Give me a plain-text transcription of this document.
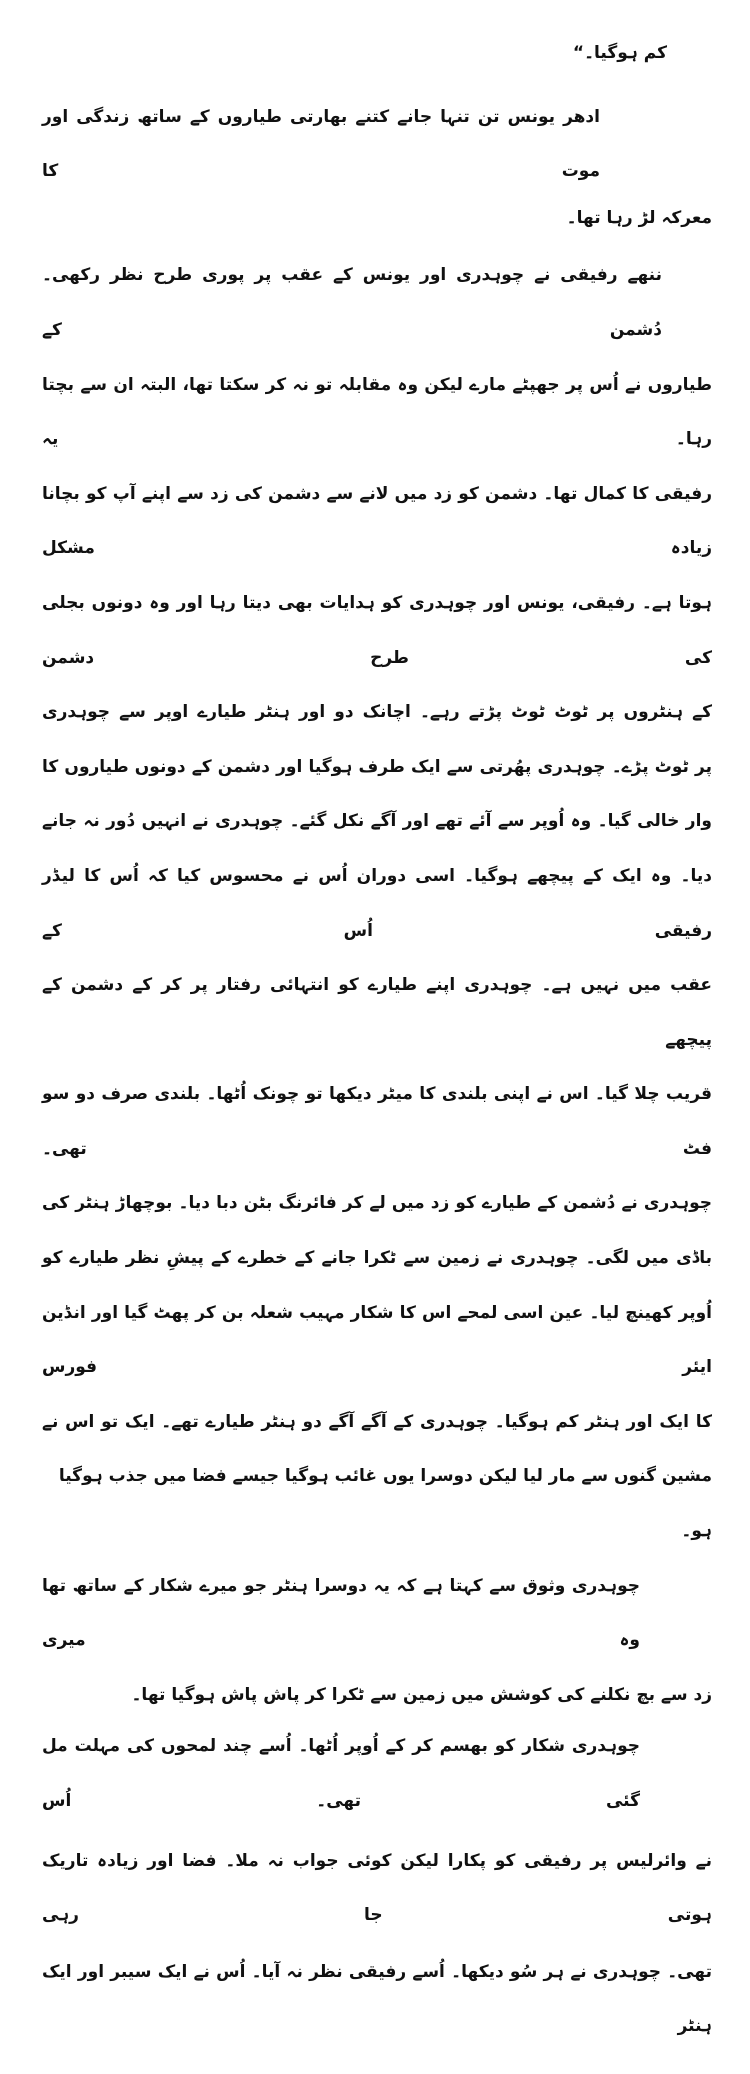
کم ہوگیا۔“
ادھر یونس تن تنہا جانے کتنے بھارتی طیاروں کے ساتھ زندگی اور موت کا
معرکہ لڑ رہا تھا۔
ننھے رفیقی نے چوہدری اور یونس کے عقب پر پوری طرح نظر رکھی۔ دُشمن کے
طیاروں نے اُس پر جھپٹے مارے لیکن وہ مقابلہ تو نہ کر سکتا تھا، البتہ ان سے بچتا رہا۔ یہ
رفیقی کا کمال تھا۔ دشمن کو زد میں لانے سے دشمن کی زد سے اپنے آپ کو بچانا زیادہ مشکل
ہوتا ہے۔ رفیقی، یونس اور چوہدری کو ہدایات بھی دیتا رہا اور وہ دونوں بجلی کی طرح دشمن
کے ہنٹروں پر ٹوٹ ٹوٹ پڑتے رہے۔ اچانک دو اور ہنٹر طیارے اوپر سے چوہدری
پر ٹوٹ پڑے۔ چوہدری پھُرتی سے ایک طرف ہوگیا اور دشمن کے دونوں طیاروں کا
وار خالی گیا۔ وہ اُوپر سے آئے تھے اور آگے نکل گئے۔ چوہدری نے انہیں دُور نہ جانے
دیا۔ وہ ایک کے پیچھے ہوگیا۔ اسی دوران اُس نے محسوس کیا کہ اُس کا لیڈر رفیقی اُس کے
عقب میں نہیں ہے۔ چوہدری اپنے طیارے کو انتہائی رفتار پر کر کے دشمن کے پیچھے
قریب چلا گیا۔ اس نے اپنی بلندی کا میٹر دیکھا تو چونک اُٹھا۔ بلندی صرف دو سو فٹ تھی۔
چوہدری نے دُشمن کے طیارے کو زد میں لے کر فائرنگ بٹن دبا دیا۔ بوچھاڑ ہنٹر کی
باڈی میں لگی۔ چوہدری نے زمین سے ٹکرا جانے کے خطرے کے پیشِ نظر طیارے کو
اُوپر کھینچ لیا۔ عین اسی لمحے اس کا شکار مہیب شعلہ بن کر پھٹ گیا اور انڈین ایئر فورس
کا ایک اور ہنٹر کم ہوگیا۔ چوہدری کے آگے آگے دو ہنٹر طیارے تھے۔ ایک تو اس نے
مشین گنوں سے مار لیا لیکن دوسرا یوں غائب ہوگیا جیسے فضا میں جذب ہوگیا ہو۔
چوہدری وثوق سے کہتا ہے کہ یہ دوسرا ہنٹر جو میرے شکار کے ساتھ تھا وہ میری
زد سے بچ نکلنے کی کوشش میں زمین سے ٹکرا کر پاش پاش ہوگیا تھا۔
چوہدری شکار کو بھسم کر کے اُوپر اُٹھا۔ اُسے چند لمحوں کی مہلت مل گئی تھی۔ اُس
نے وائرلیس پر رفیقی کو پکارا لیکن کوئی جواب نہ ملا۔ فضا اور زیادہ تاریک ہوتی جا رہی
تھی۔ چوہدری نے ہر سُو دیکھا۔ اُسے رفیقی نظر نہ آیا۔ اُس نے ایک سیبر اور ایک ہنٹر
